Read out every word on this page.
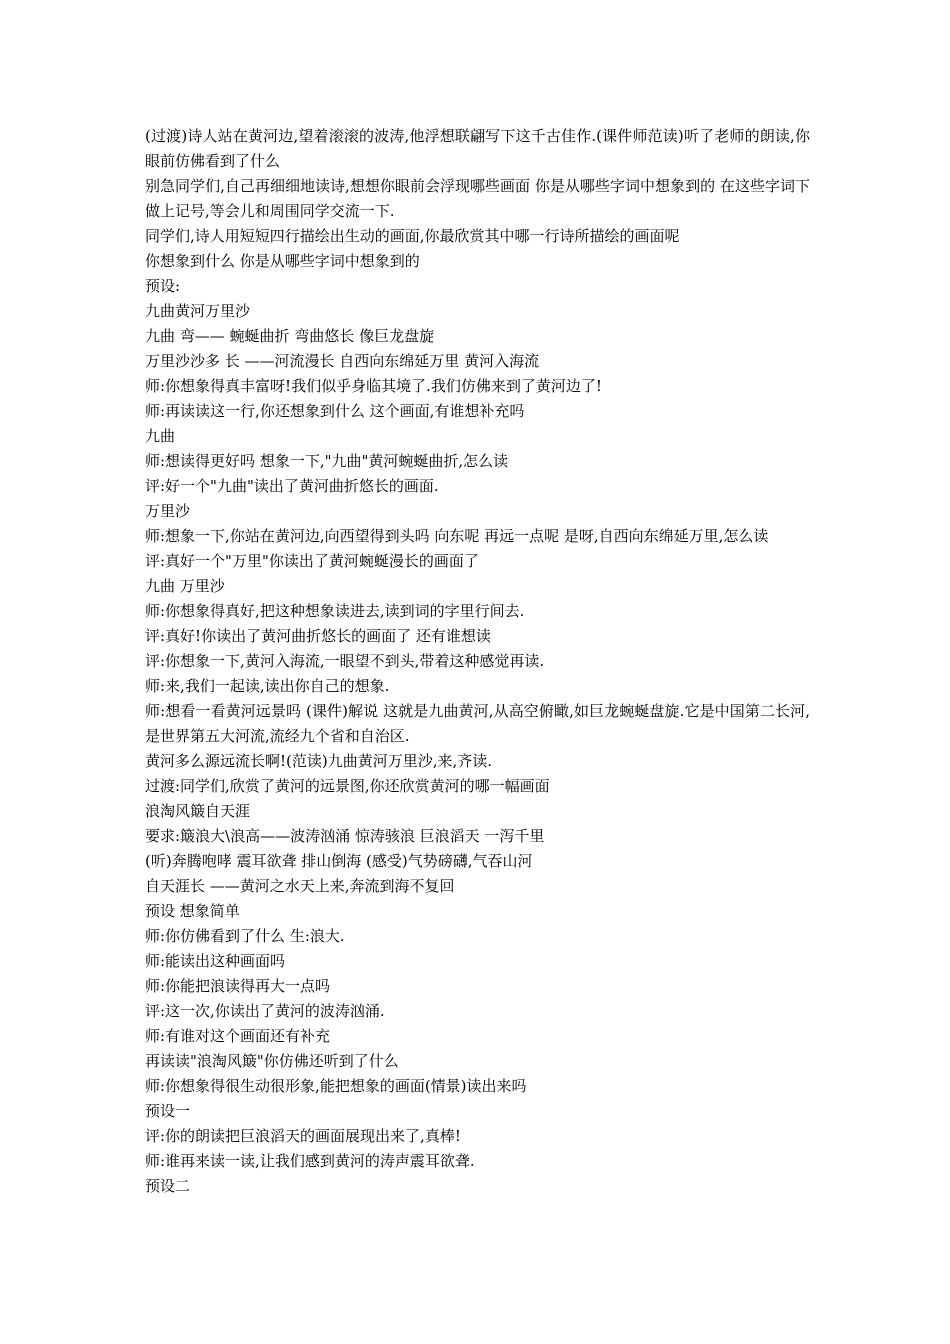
(过渡)诗人站在黄河边,望着滚滚的波涛,他浮想联翩写下这千古佳作.(课件师范读)听了老师的朗读,你眼前仿佛看到了什么

别急同学们,自己再细细地读诗,想想你眼前会浮现哪些画面 你是从哪些字词中想象到的 在这些字词下做上记号,等会儿和周围同学交流一下.

同学们,诗人用短短四行描绘出生动的画面,你最欣赏其中哪一行诗所描绘的画面呢

你想象到什么 你是从哪些字词中想象到的

预设:

九曲黄河万里沙

九曲 弯—— 蜿蜒曲折 弯曲悠长 像巨龙盘旋

万里沙沙多 长 ——河流漫长 自西向东绵延万里 黄河入海流

师:你想象得真丰富呀!我们似乎身临其境了.我们仿佛来到了黄河边了!

师:再读读这一行,你还想象到什么 这个画面,有谁想补充吗

九曲

师:想读得更好吗 想象一下,"九曲"黄河蜿蜒曲折,怎么读

评:好一个"九曲"读出了黄河曲折悠长的画面.

万里沙

师:想象一下,你站在黄河边,向西望得到头吗 向东呢 再远一点呢 是呀,自西向东绵延万里,怎么读

评:真好一个"万里"你读出了黄河蜿蜒漫长的画面了

九曲 万里沙

师:你想象得真好,把这种想象读进去,读到词的字里行间去.

评:真好!你读出了黄河曲折悠长的画面了 还有谁想读

评:你想象一下,黄河入海流,一眼望不到头,带着这种感觉再读.

师:来,我们一起读,读出你自己的想象.

师:想看一看黄河远景吗 (课件)解说 这就是九曲黄河,从高空俯瞰,如巨龙蜿蜒盘旋.它是中国第二长河,是世界第五大河流,流经九个省和自治区.

黄河多么源远流长啊!(范读)九曲黄河万里沙,来,齐读.

过渡:同学们,欣赏了黄河的远景图,你还欣赏黄河的哪一幅画面

浪淘风簸自天涯

要求:簸浪大\浪高——波涛汹涌 惊涛骇浪 巨浪滔天 一泻千里

(听)奔腾咆哮 震耳欲聋 排山倒海 (感受)气势磅礴,气吞山河

自天涯长 ——黄河之水天上来,奔流到海不复回

预设 想象简单

师:你仿佛看到了什么 生:浪大.

师:能读出这种画面吗

师:你能把浪读得再大一点吗

评:这一次,你读出了黄河的波涛汹涌.

师:有谁对这个画面还有补充

再读读"浪淘风簸"你仿佛还听到了什么

师:你想象得很生动很形象,能把想象的画面(情景)读出来吗

预设一

评:你的朗读把巨浪滔天的画面展现出来了,真棒!

师:谁再来读一读,让我们感到黄河的涛声震耳欲聋.

预设二
